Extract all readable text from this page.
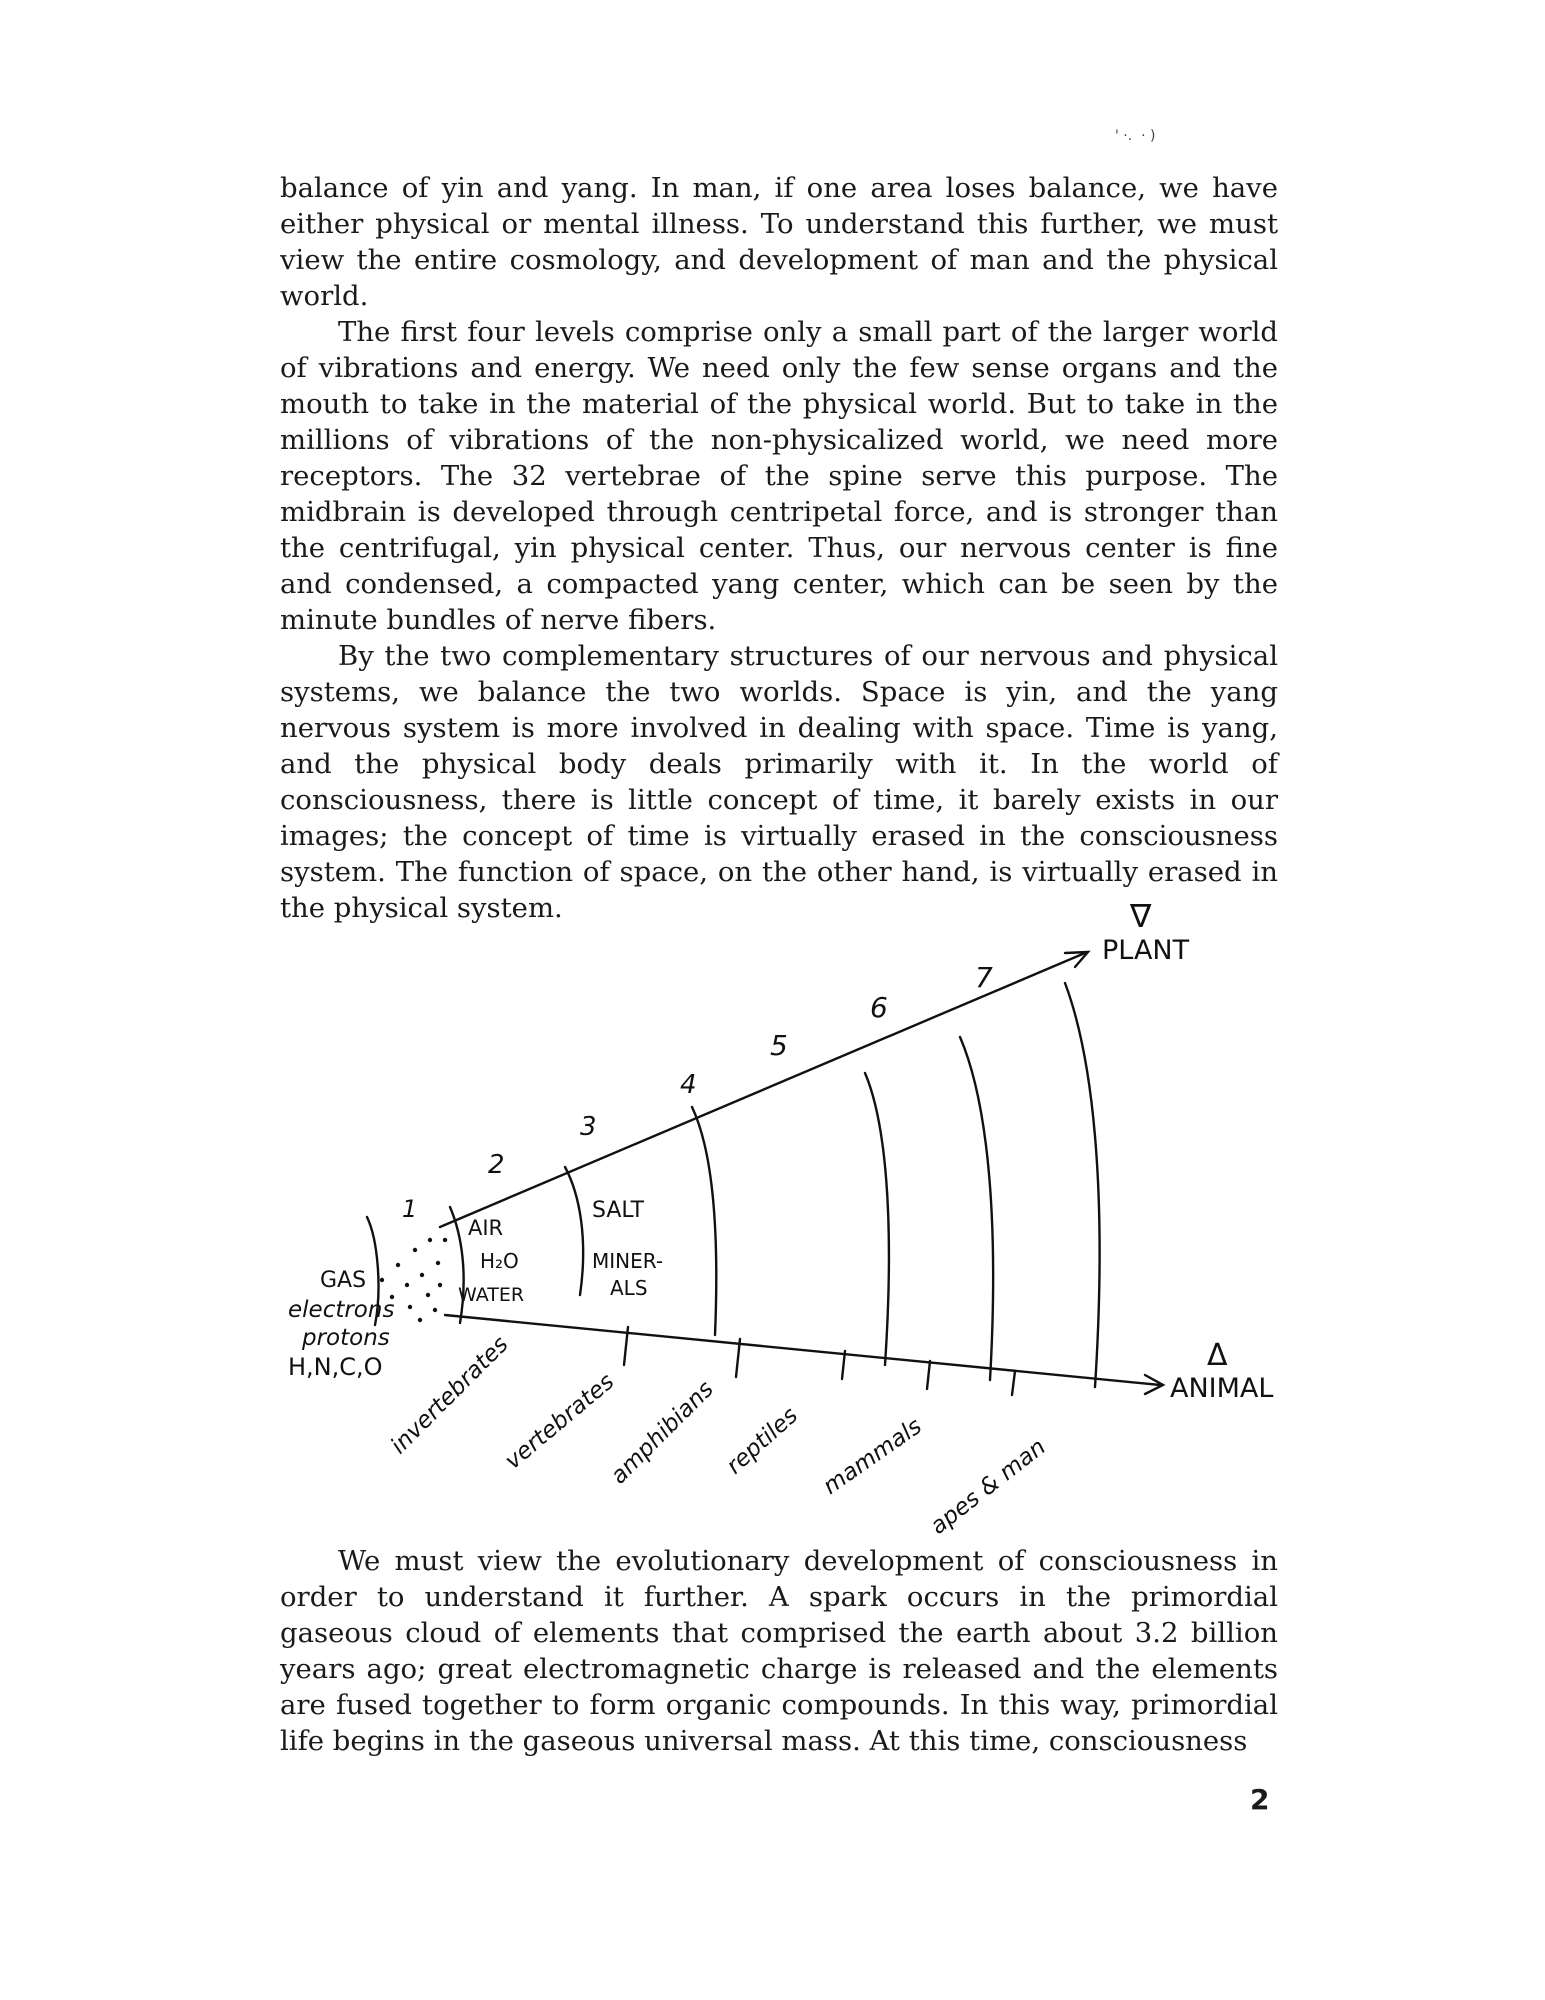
' ·.  · )

balance of yin and yang. In man, if one area loses balance, we have either physical or mental illness. To understand this further, we must view the entire cosmology, and development of man and the physical world.

The first four levels comprise only a small part of the larger world of vibrations and energy. We need only the few sense organs and the mouth to take in the material of the physical world. But to take in the millions of vibrations of the non-physicalized world, we need more receptors. The 32 vertebrae of the spine serve this purpose. The midbrain is developed through centripetal force, and is stronger than the centrifugal, yin physical center. Thus, our nervous center is fine and condensed, a compacted yang center, which can be seen by the minute bundles of nerve fibers.

By the two complementary structures of our nervous and physical systems, we balance the two worlds. Space is yin, and the yang nervous system is more involved in dealing with space. Time is yang, and the physical body deals primarily with it. In the world of consciousness, there is little concept of time, it barely exists in our images; the concept of time is virtually erased in the consciousness system. The function of space, on the other hand, is virtually erased in the physical system.	∇
PLANT
Δ
ANIMAL
1
2
3
4
5
6
7
GAS
electrons
protons
H,N,C,O
AIR
H₂O
WATER
SALT
MINER-
ALS
invertebrates
vertebrates
amphibians reptiles mammals apes & man

We must view the evolutionary development of consciousness in order to understand it further. A spark occurs in the primordial gaseous cloud of elements that comprised the earth about 3.2 billion years ago; great electromagnetic charge is released and the elements are fused together to form organic compounds. In this way, primordial life begins in the gaseous universal mass. At this time, consciousness

2
